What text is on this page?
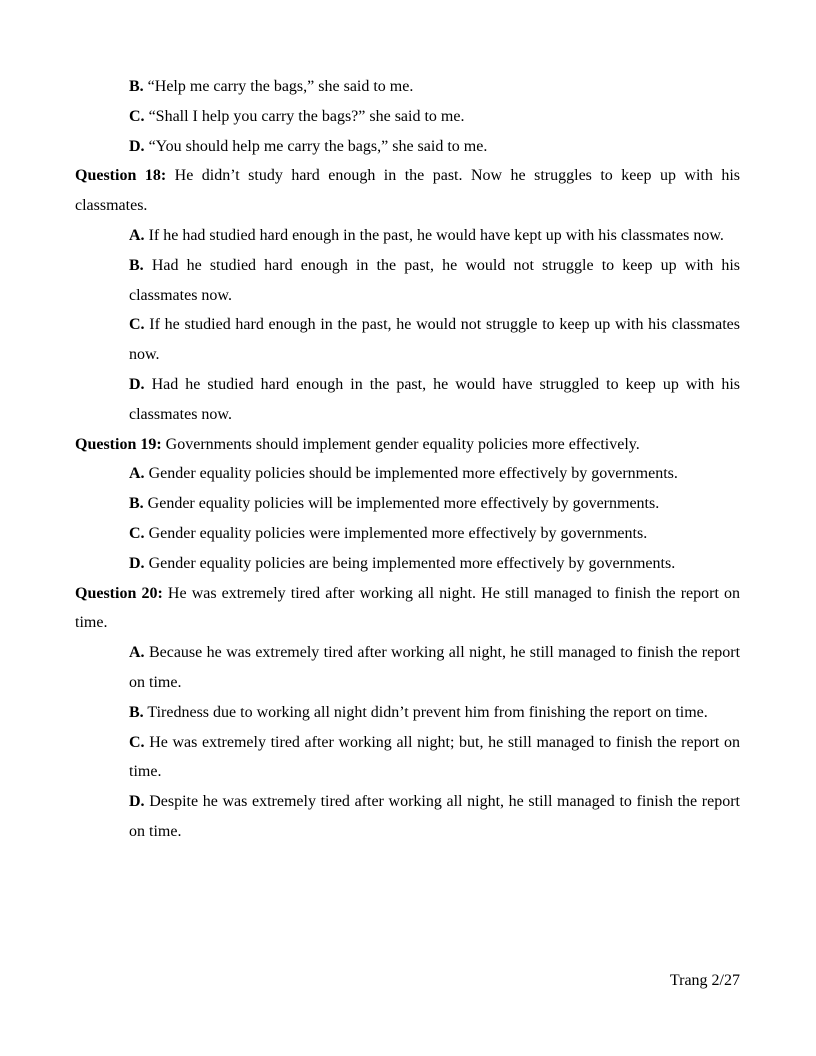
B. “Help me carry the bags,” she said to me.

C. “Shall I help you carry the bags?” she said to me.

D. “You should help me carry the bags,” she said to me.

Question 18: He didn’t study hard enough in the past. Now he struggles to keep up with his classmates.

A. If he had studied hard enough in the past, he would have kept up with his classmates now.

B. Had he studied hard enough in the past, he would not struggle to keep up with his classmates now.

C. If he studied hard enough in the past, he would not struggle to keep up with his classmates now.

D. Had he studied hard enough in the past, he would have struggled to keep up with his classmates now.

Question 19: Governments should implement gender equality policies more effectively.

A. Gender equality policies should be implemented more effectively by governments.

B. Gender equality policies will be implemented more effectively by governments.

C. Gender equality policies were implemented more effectively by governments.

D. Gender equality policies are being implemented more effectively by governments.

Question 20: He was extremely tired after working all night. He still managed to finish the report on time.

A. Because he was extremely tired after working all night, he still managed to finish the report on time.

B. Tiredness due to working all night didn’t prevent him from finishing the report on time.

C. He was extremely tired after working all night; but, he still managed to finish the report on time.

D. Despite he was extremely tired after working all night, he still managed to finish the report on time.

Trang 2/27
